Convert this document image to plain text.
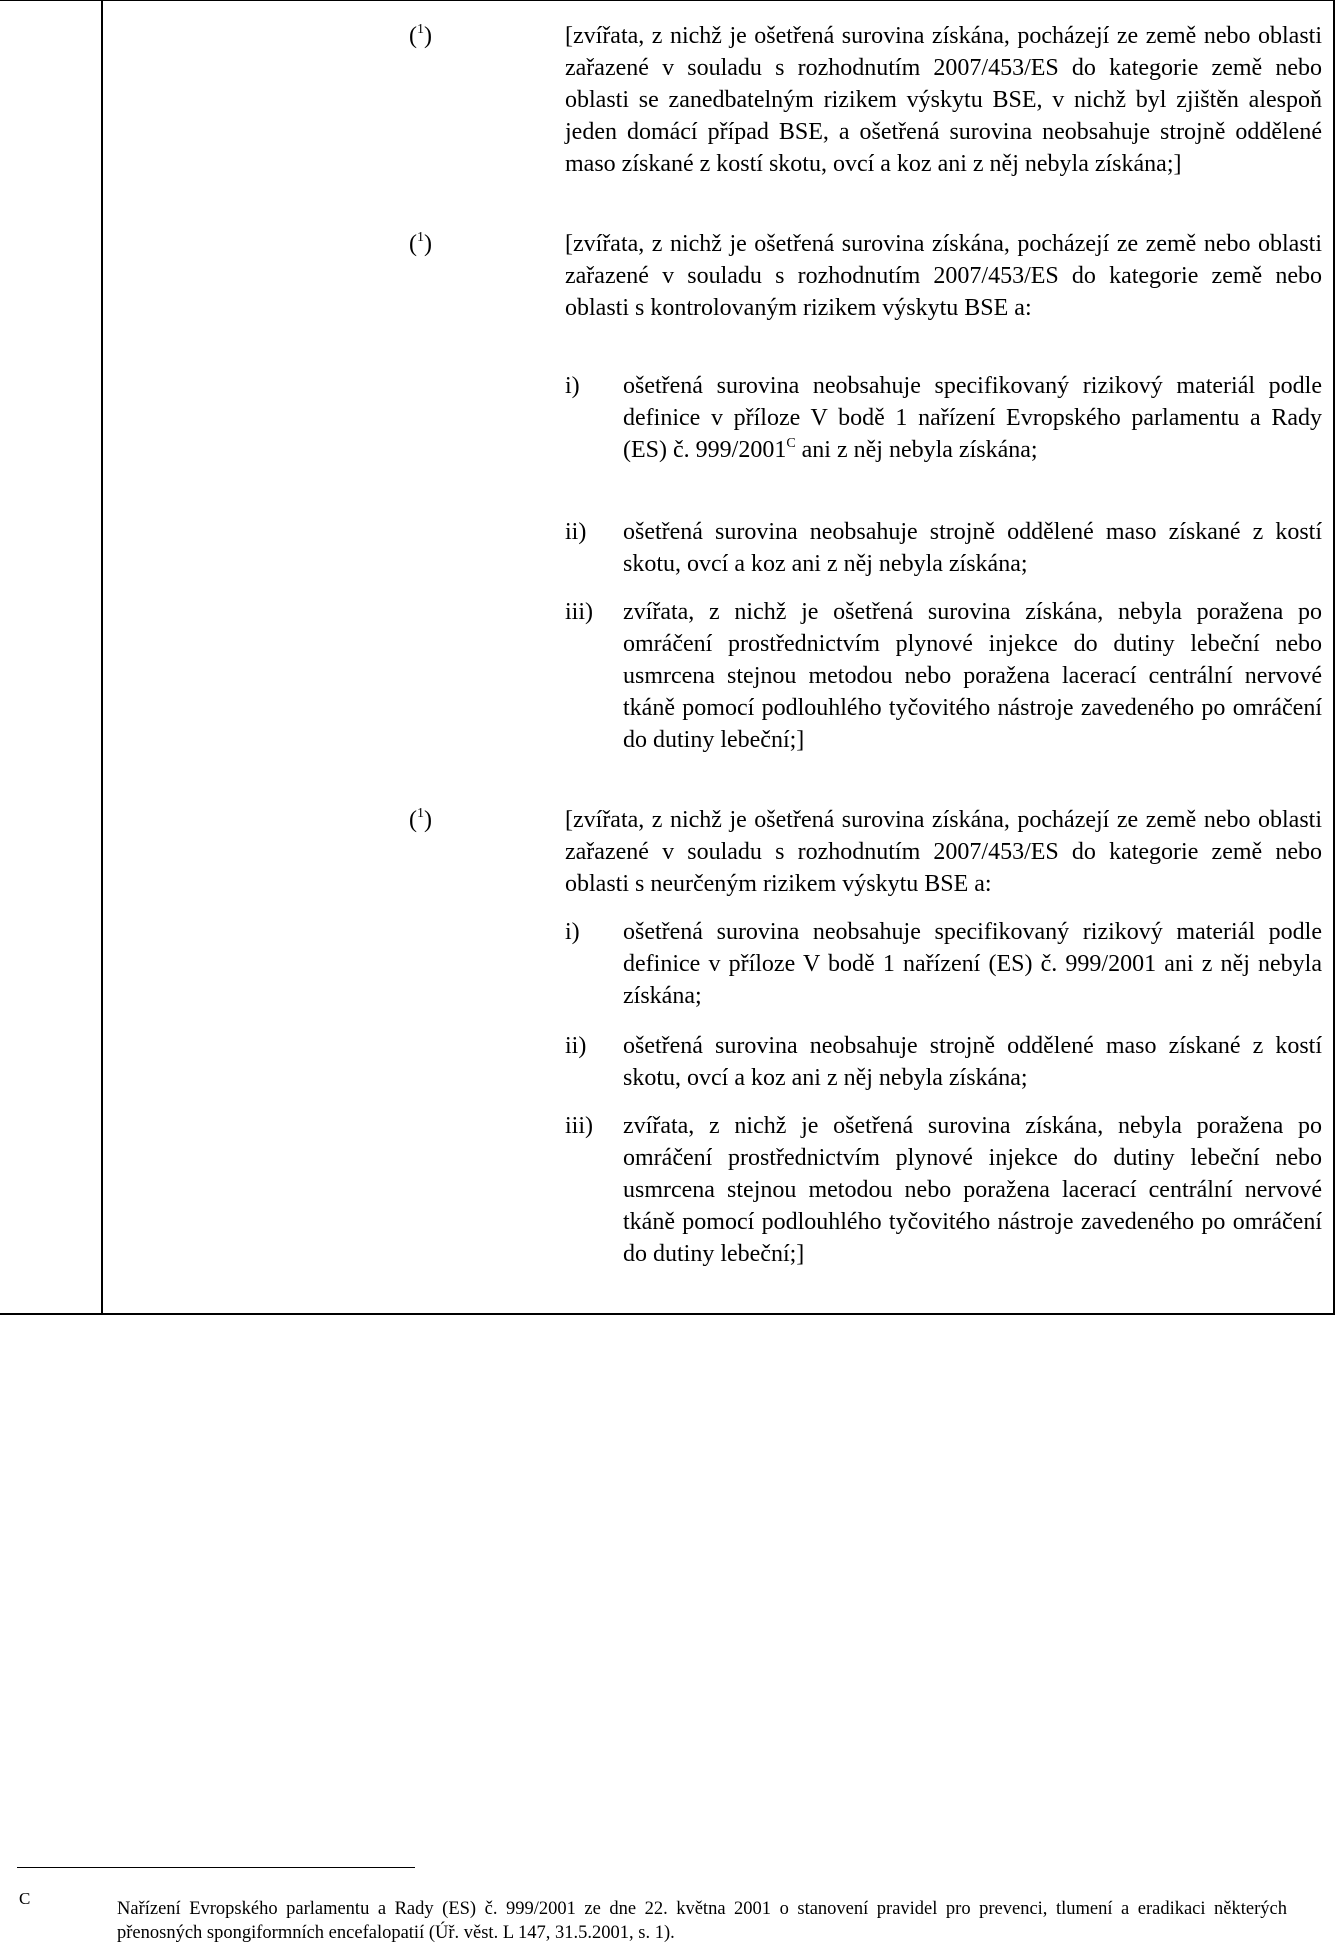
($^1$)	[zvířata, z nichž je ošetřená surovina získána, pocházejí ze země nebo oblasti zařazené v souladu s rozhodnutím 2007/453/ES do kategorie země nebo oblasti se zanedbatelným rizikem výskytu BSE, v nichž byl zjištěn alespoň jeden domácí případ BSE, a ošetřená surovina neobsahuje strojně oddělené maso získané z kostí skotu, ovcí a koz ani z něj nebyla získána;]
($^1$)	[zvířata, z nichž je ošetřená surovina získána, pocházejí ze země nebo oblasti zařazené v souladu s rozhodnutím 2007/453/ES do kategorie země nebo oblasti s kontrolovaným rizikem výskytu BSE a:
i) ošetřená surovina neobsahuje specifikovaný rizikový materiál podle definice v příloze V bodě 1 nařízení Evropského parlamentu a Rady (ES) č. $999/2001^C$ ani z něj nebyla získána;
ii) ošetřená surovina neobsahuje strojně oddělené maso získané z kostí skotu, ovcí a koz ani z něj nebyla získána;
iii) zvířata, z nichž je ošetřená surovina získána, nebyla poražena po omráčení prostřednictvím plynové injekce do dutiny lebeční nebo usmrcena stejnou metodou nebo poražena lacerací centrální nervové tkáně pomocí podlouhlého tyčovitého nástroje zavedeného po omráčení do dutiny lebeční;]
($^1$)	[zvířata, z nichž je ošetřená surovina získána, pocházejí ze země nebo oblasti zařazené v souladu s rozhodnutím 2007/453/ES do kategorie země nebo oblasti s neurčeným rizikem výskytu BSE a:
i) ošetřená surovina neobsahuje specifikovaný rizikový materiál podle definice v příloze V bodě 1 nařízení (ES) č. 999/2001 ani z něj nebyla získána;
ii) ošetřená surovina neobsahuje strojně oddělené maso získané z kostí skotu, ovcí a koz ani z něj nebyla získána;
iii) zvířata, z nichž je ošetřená surovina získána, nebyla poražena po omráčení prostřednictvím plynové injekce do dutiny lebeční nebo usmrcena stejnou metodou nebo poražena lacerací centrální nervové tkáně pomocí podlouhlého tyčovitého nástroje zavedeného po omráčení do dutiny lebeční;]
C
Nařízení Evropského parlamentu a Rady (ES) č. 999/2001 ze dne 22. května 2001 o stanovení pravidel pro prevenci, tlumení a eradikaci některých přenosných spongiformních encefalopatií (Úř. věst. L 147, 31.5.2001, s. 1).
